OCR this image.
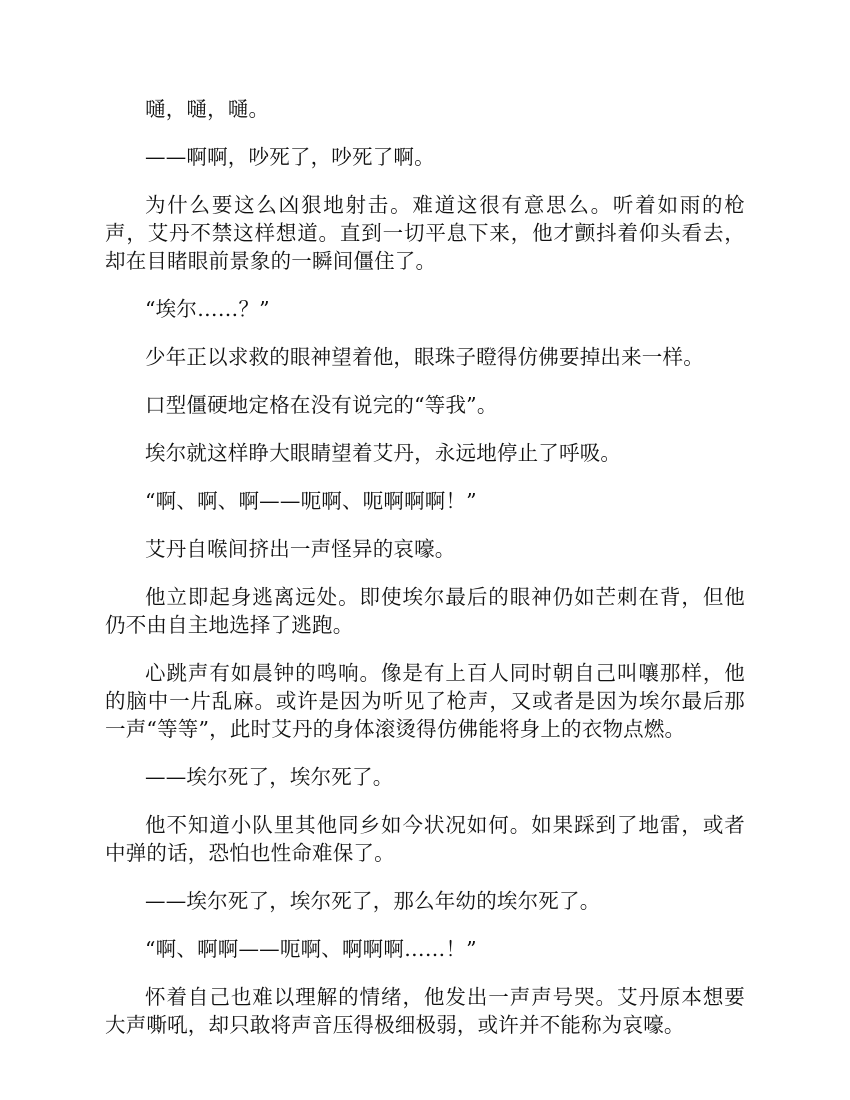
嗵，嗵，嗵。

——啊啊，吵死了，吵死了啊。

为什么要这么凶狠地射击。难道这很有意思么。听着如雨的枪声，艾丹不禁这样想道。直到一切平息下来，他才颤抖着仰头看去，却在目睹眼前景象的一瞬间僵住了。

“埃尔……？”

少年正以求救的眼神望着他，眼珠子瞪得仿佛要掉出来一样。

口型僵硬地定格在没有说完的“等我”。

埃尔就这样睁大眼睛望着艾丹，永远地停止了呼吸。

“啊、啊、啊——呃啊、呃啊啊啊！”

艾丹自喉间挤出一声怪异的哀嚎。

他立即起身逃离远处。即使埃尔最后的眼神仍如芒刺在背，但他仍不由自主地选择了逃跑。

心跳声有如晨钟的鸣响。像是有上百人同时朝自己叫嚷那样，他的脑中一片乱麻。或许是因为听见了枪声，又或者是因为埃尔最后那一声“等等”，此时艾丹的身体滚烫得仿佛能将身上的衣物点燃。

——埃尔死了，埃尔死了。

他不知道小队里其他同乡如今状况如何。如果踩到了地雷，或者中弹的话，恐怕也性命难保了。

——埃尔死了，埃尔死了，那么年幼的埃尔死了。

“啊、啊啊——呃啊、啊啊啊……！”

怀着自己也难以理解的情绪，他发出一声声号哭。艾丹原本想要大声嘶吼，却只敢将声音压得极细极弱，或许并不能称为哀嚎。
